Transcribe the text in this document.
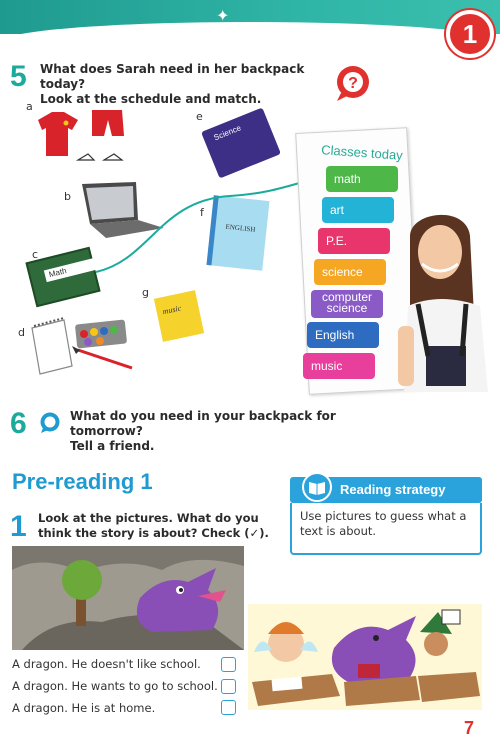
✦
1
5 What does Sarah need in her backpack today?
Look at the schedule and match.
?
a
e
Science
b
f
ENGLISH
c
Math
g
music
d
Classes today
math
art
P.E.
science
computer
science
English
music
6	What do you need in your backpack for tomorrow?
Tell a friend.
Pre-reading 1	Reading strategy
Use pictures to guess what a text is about.
1 Look at the pictures. What do you
think the story is about? Check (✓).
A dragon. He doesn't like school.
A dragon. He wants to go to school.
A dragon. He is at home.
7
